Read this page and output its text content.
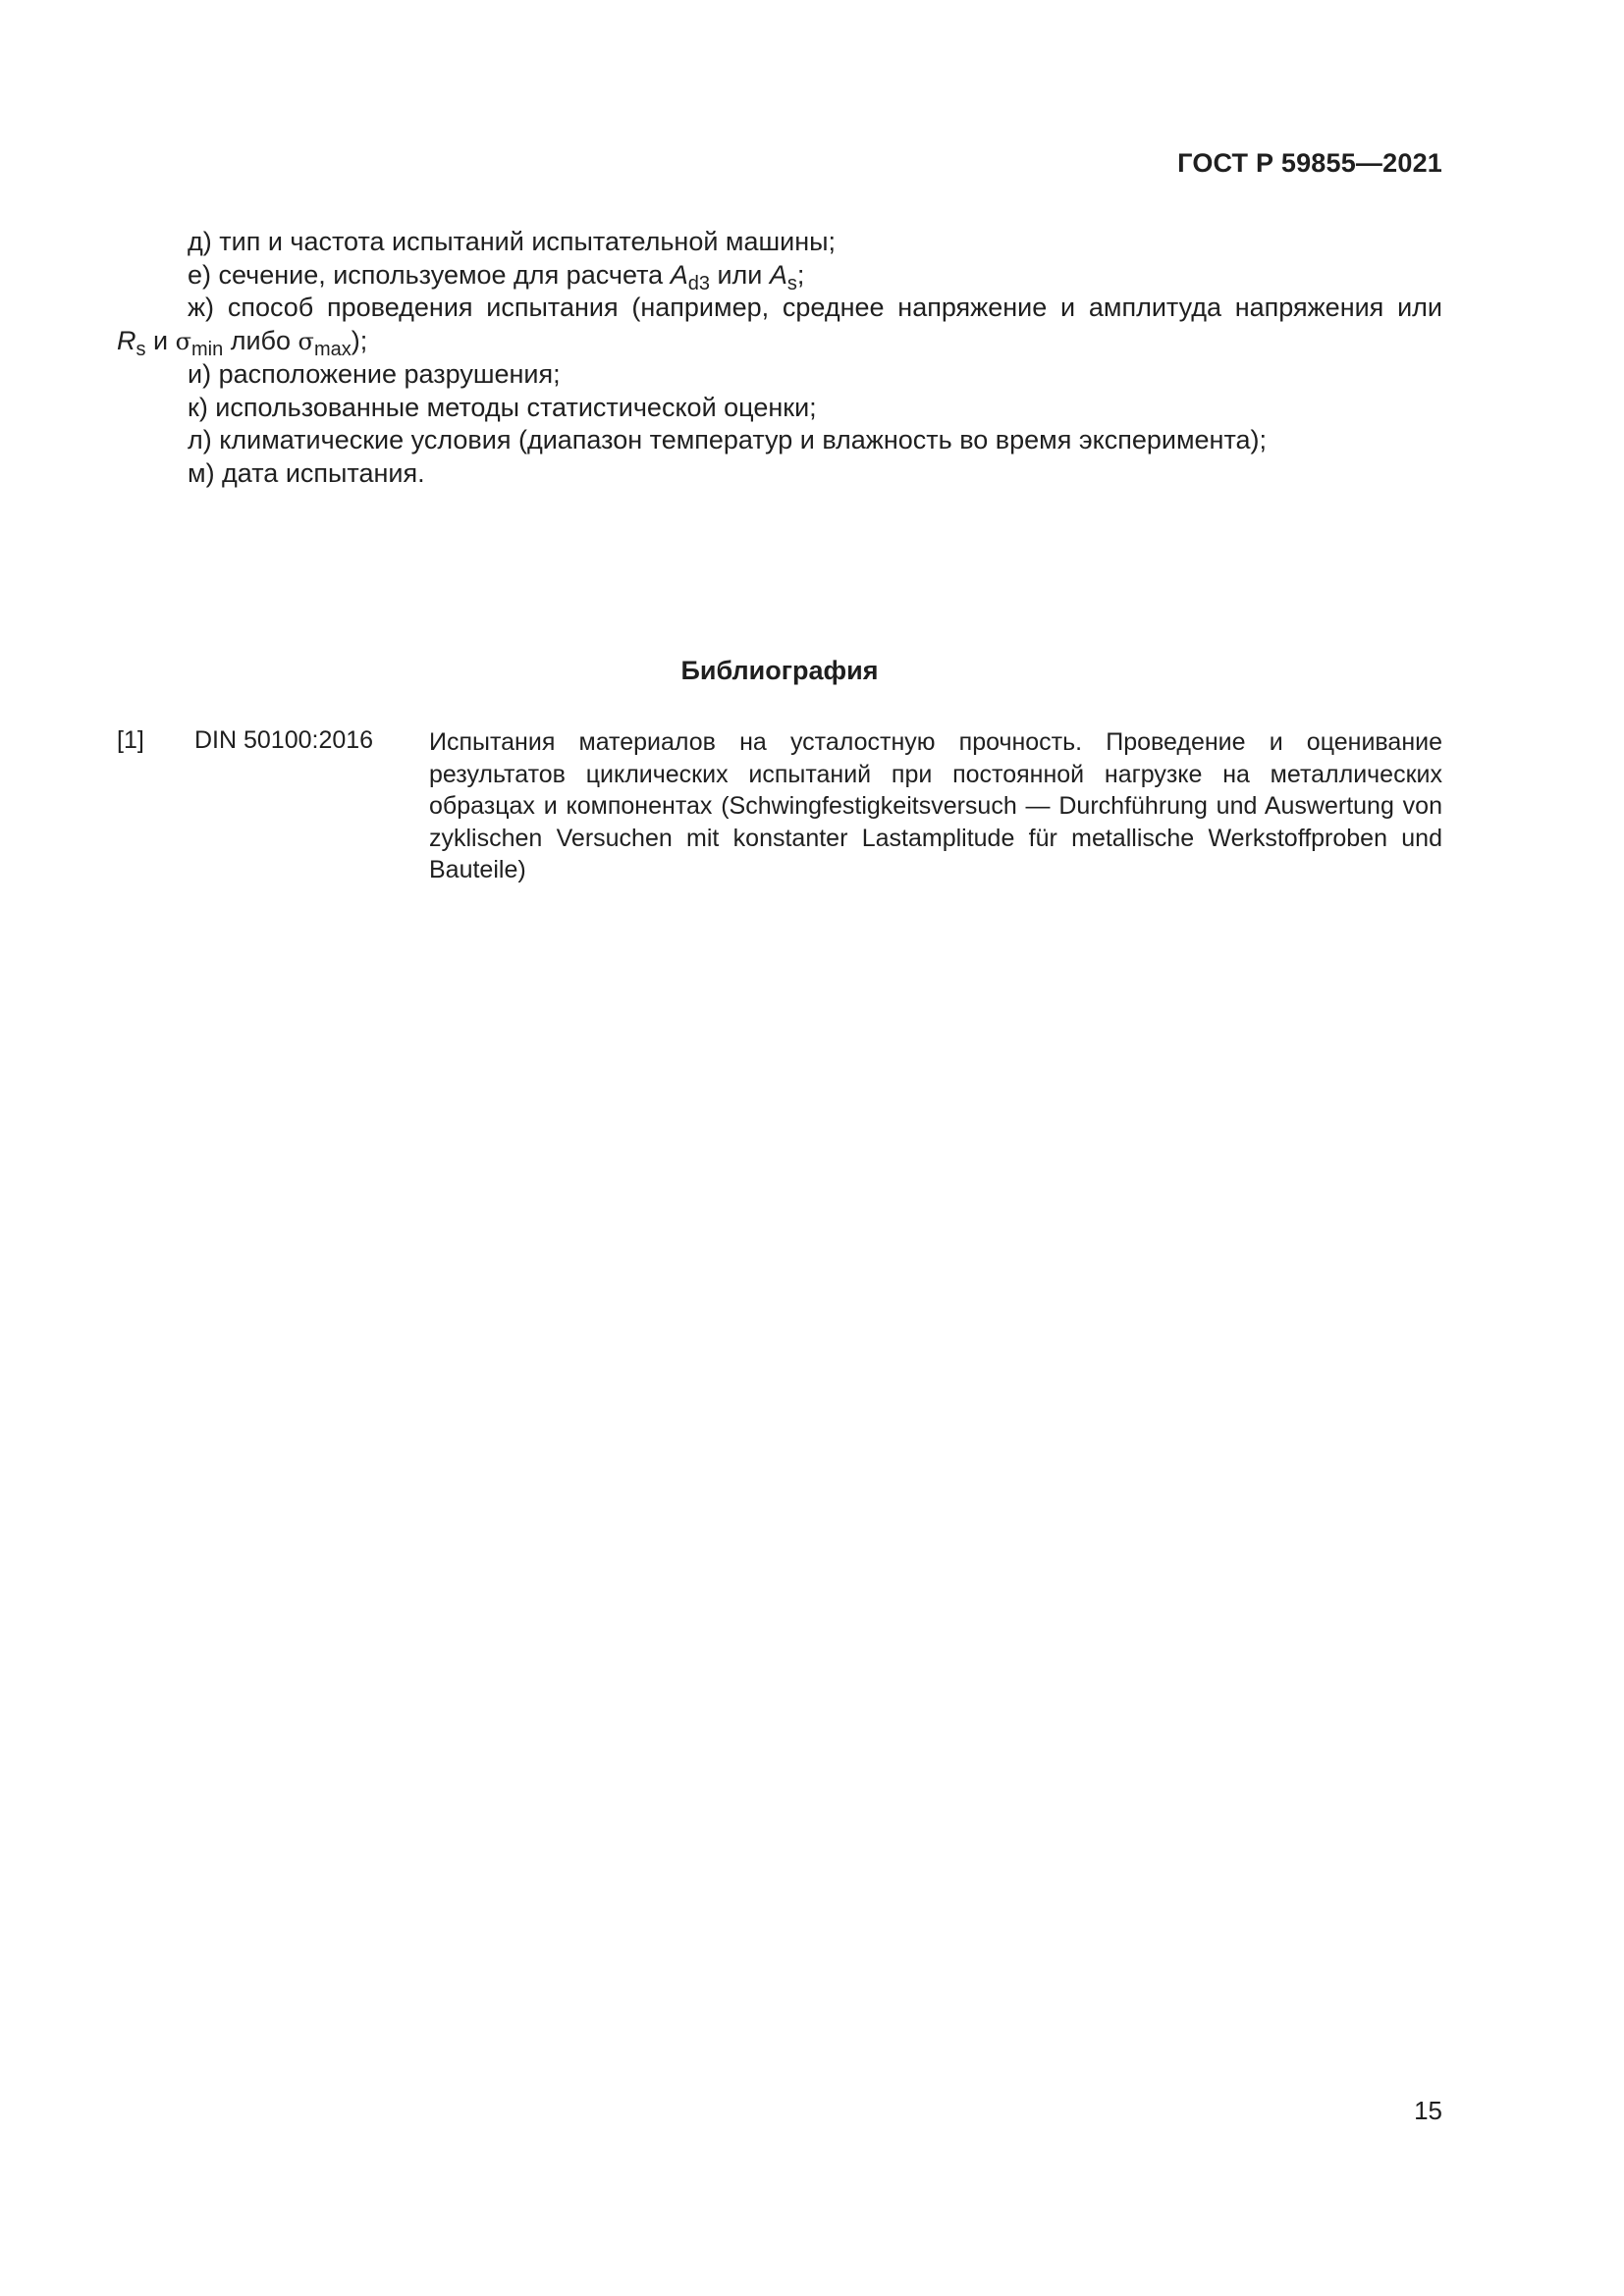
ГОСТ Р 59855—2021
д) тип и частота испытаний испытательной машины;
е) сечение, используемое для расчета $A_{d3}$ или $A_s$;
ж) способ проведения испытания (например, среднее напряжение и амплитуда напряжения или
$R_s$ и $\sigma_{min}$ либо $\sigma_{max}$);
и) расположение разрушения;
к) использованные методы статистической оценки;
л) климатические условия (диапазон температур и влажность во время эксперимента);
м) дата испытания.
Библиография
[1] DIN 50100:2016 Испытания материалов на усталостную прочность. Проведение и оценивание результатов циклических испытаний при постоянной нагрузке на металлических образцах и компонентах (Schwingfestigkeitsversuch — Durchführung und Auswertung von zyklischen Versuchen mit konstanter Lastamplitude für metallische Werkstoffproben und Bauteile)
15
